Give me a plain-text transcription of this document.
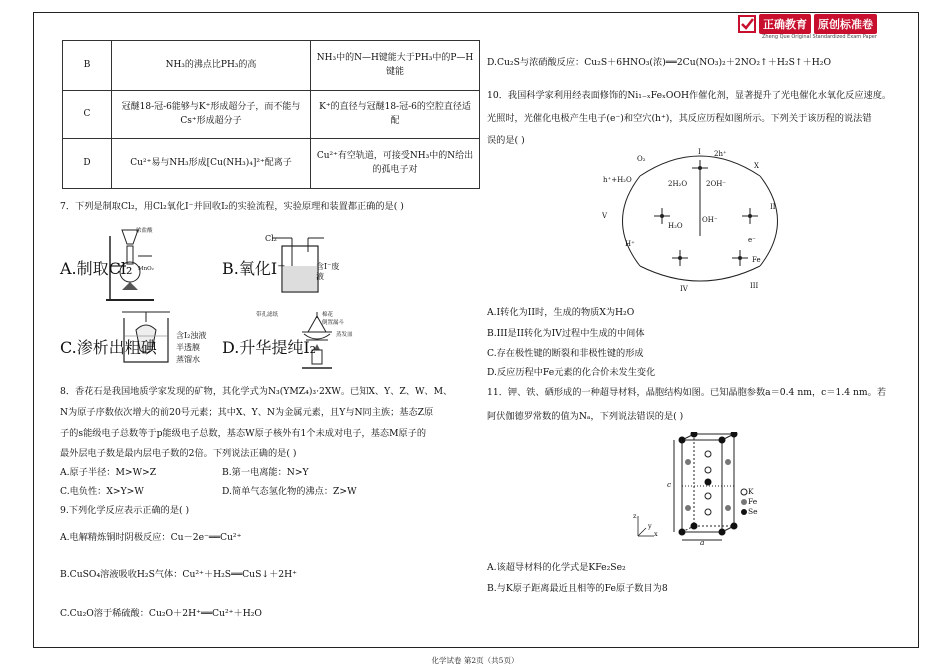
正确教育	原创标准卷
Zheng Que Original Standardized Exam Paper
B	NH₃的沸点比PH₃的高	NH₃中的N—H键能大于PH₃中的P—H键能
C	冠醚18-冠-6能够与K⁺形成超分子，而不能与Cs⁺形成超分子	K⁺的直径与冠醚18-冠-6的空腔直径适配
D	Cu²⁺易与NH₃形成[Cu(NH₃)₄]²⁺配离子	Cu²⁺有空轨道，可接受NH₃中的N给出的孤电子对
7．下列是制取Cl₂，用Cl₂氧化I⁻并回收I₂的实验流程，实验原理和装置都正确的是( )
浓盐酸
MnO₂
A.制取Cl₂
Cl₂
含I⁻废液
B.氧化I⁻
含I₂浊液
半透膜
蒸馏水
C.渗析出粗碘
带孔滤纸	棉花
倒置漏斗
蒸发皿
D.升华提纯I₂
8．香花石是我国地质学家发现的矿物，其化学式为N₃(YMZ₄)₃·2XW。已知X、Y、Z、W、M、
N为原子序数依次增大的前20号元素；其中X、Y、N为金属元素，且Y与N同主族；基态Z原
子的s能级电子总数等于p能级电子总数，基态W原子核外有1个未成对电子，基态M原子的
最外层电子数是最内层电子数的2倍。下列说法正确的是( )
A.原子半径：M>W>Z	B.第一电离能：N>Y
C.电负性：X>Y>W	D.简单气态氢化物的沸点：Z>W
9.下列化学反应表示正确的是( )
A.电解精炼铜时阴极反应：Cu－2e⁻══Cu²⁺
B.CuSO₄溶液吸收H₂S气体：Cu²⁺＋H₂S══CuS↓＋2H⁺
C.Cu₂O溶于稀硫酸：Cu₂O＋2H⁺══Cu²⁺＋H₂O
D.Cu₂S与浓硝酸反应：Cu₂S＋6HNO₃(浓)══2Cu(NO₃)₂＋2NO₂↑＋H₂S↑＋H₂O
10．我国科学家利用经表面修饰的Ni₁₋ₓFeₓOOH作催化剂，显著提升了光电催化水氧化反应速度。
光照时，光催化电极产生电子(e⁻)和空穴(h⁺)，其反应历程如图所示。下列关于该历程的说法错
误的是( )
O₂
I 2h⁺
X
2H₂O	2OH⁻
h⁺+H₂O
V
H₂O
OH⁻
II
H⁺	e⁻
Fe
IV	III
A.I转化为II时，生成的物质X为H₂O
B.III是II转化为IV过程中生成的中间体
C.存在极性键的断裂和非极性键的形成
D.反应历程中Fe元素的化合价未发生变化
11．钾、铁、硒形成的一种超导材料，晶胞结构如图。已知晶胞参数a＝0.4 nm，c＝1.4 nm。若
阿伏伽德罗常数的值为Nₐ，下列说法错误的是( )
K
Fe
Se
c
a
z
x
y
A.该超导材料的化学式是KFe₂Se₂
B.与K原子距离最近且相等的Fe原子数目为8
化学试卷 第2页（共5页）
